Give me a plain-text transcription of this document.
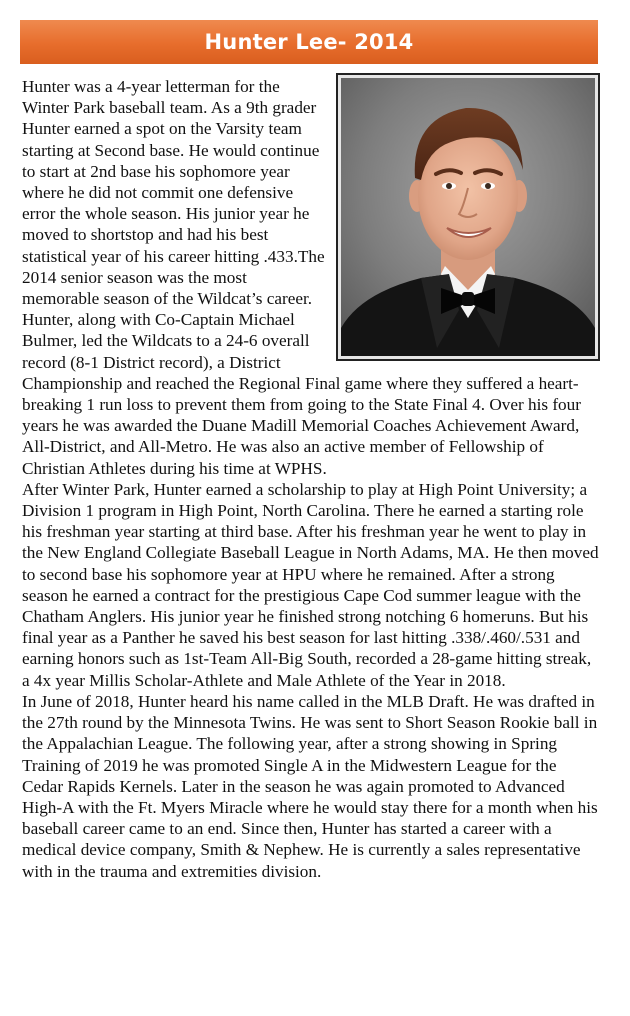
Hunter Lee- 2014

Hunter was a 4-year letterman for the Winter Park baseball team. As a 9th grader Hunter earned a spot on the Varsity team starting at Second base. He would continue to start at 2nd base his sophomore year where he did not commit one defensive error the whole season. His junior year he moved to shortstop and had his best statistical year of his career hitting .433.The 2014 senior season was the most memorable season of the Wildcat’s career. Hunter, along with Co-Captain Michael Bulmer, led the Wildcats to a 24-6 overall record (8-1 District record), a District Championship and reached the Regional Final game where they suffered a heart-breaking 1 run loss to prevent them from going to the State Final 4. Over his four years he was awarded the Duane Madill Memorial Coaches Achievement Award, All-District, and All-Metro. He was also an active member of Fellowship of Christian Athletes during his time at WPHS.

After Winter Park, Hunter earned a scholarship to play at High Point University; a Division 1 program in High Point, North Carolina. There he earned a starting role his freshman year starting at third base. After his freshman year he went to play in the New England Collegiate Baseball League in North Adams, MA. He then moved to second base his sophomore year at HPU where he remained. After a strong season he earned a contract for the prestigious Cape Cod summer league with the Chatham Anglers. His junior year he finished strong notching 6 homeruns. But his final year as a Panther he saved his best season for last hitting .338/.460/.531 and earning honors such as 1st-Team All-Big South, recorded a 28-game hitting streak, a 4x year Millis Scholar-Athlete and Male Athlete of the Year in 2018.

In June of 2018, Hunter heard his name called in the MLB Draft. He was drafted in the 27th round by the Minnesota Twins. He was sent to Short Season Rookie ball in the Appalachian League. The following year, after a strong showing in Spring Training of 2019 he was promoted Single A in the Midwestern League for the Cedar Rapids Kernels. Later in the season he was again promoted to Advanced High-A with the Ft. Myers Miracle where he would stay there for a month when his baseball career came to an end. Since then, Hunter has started a career with a medical device company, Smith & Nephew. He is currently a sales representative with in the trauma and extremities division.
